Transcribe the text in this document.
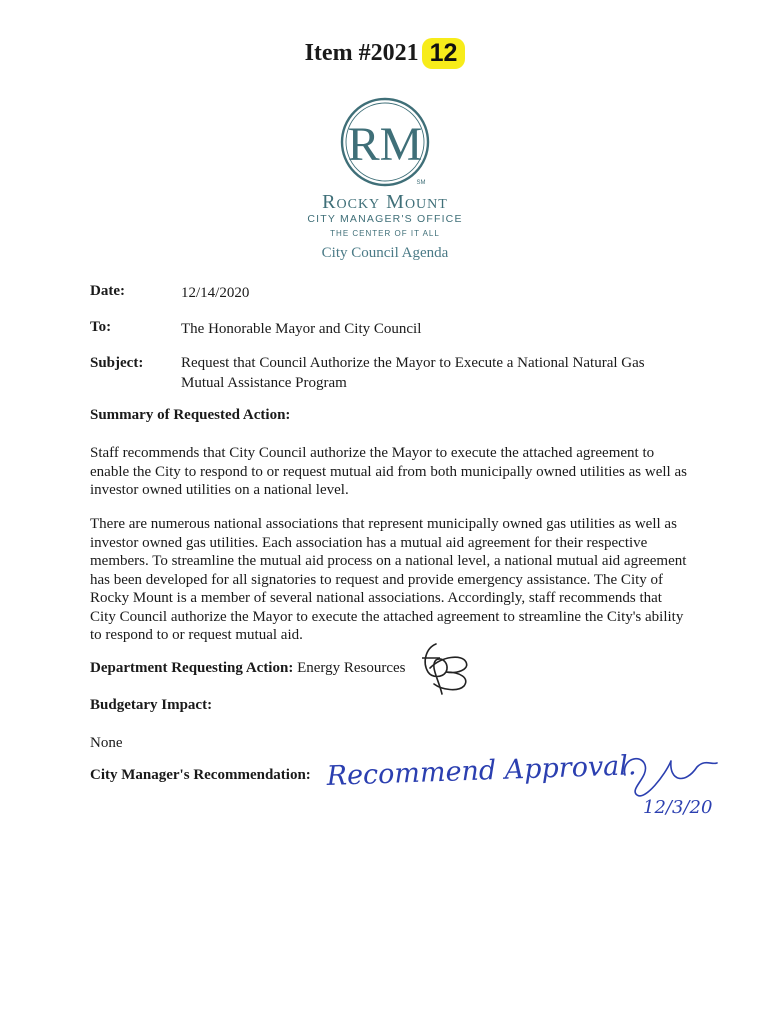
Item #2021 12
RM
SM
Rocky Mount
CITY MANAGER'S OFFICE
THE CENTER OF IT ALL
City Council Agenda
Date:	12/14/2020
To:	The Honorable Mayor and City Council
Subject:	Request that Council Authorize the Mayor to Execute a National Natural Gas
Mutual Assistance Program
Summary of Requested Action:
Staff recommends that City Council authorize the Mayor to execute the attached agreement to enable the City to respond to or request mutual aid from both municipally owned utilities as well as investor owned utilities on a national level.
There are numerous national associations that represent municipally owned gas utilities as well as investor owned gas utilities. Each association has a mutual aid agreement for their respective members. To streamline the mutual aid process on a national level, a national mutual aid agreement has been developed for all signatories to request and provide emergency assistance. The City of Rocky Mount is a member of several national associations. Accordingly, staff recommends that City Council authorize the Mayor to execute the attached agreement to streamline the City's ability to respond to or request mutual aid.
Department Requesting Action: Energy Resources
Budgetary Impact:
None
City Manager's Recommendation: Recommend Approval.
12/3/20
